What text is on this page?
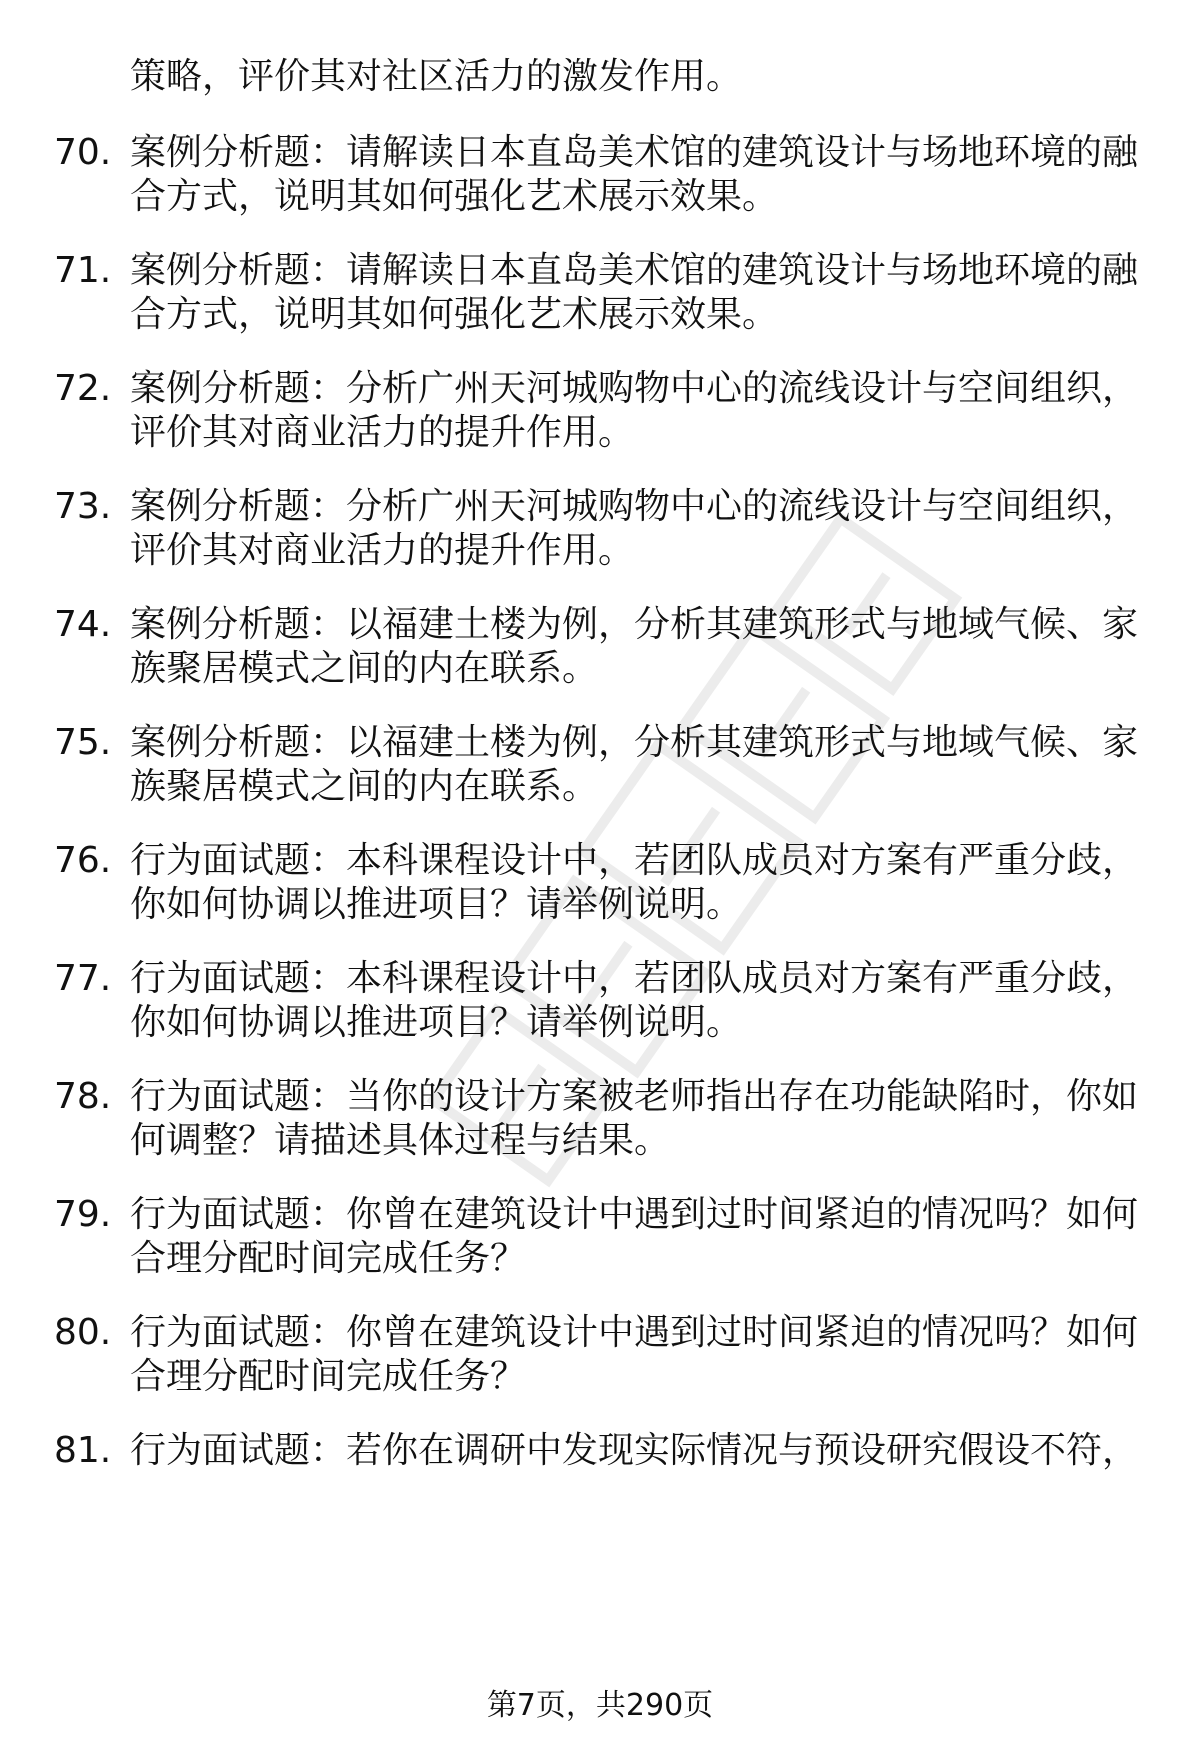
策略，评价其对社区活力的激发作用。
70. 案例分析题：请解读日本直岛美术馆的建筑设计与场地环境的融
合方式，说明其如何强化艺术展示效果。
71. 案例分析题：请解读日本直岛美术馆的建筑设计与场地环境的融
合方式，说明其如何强化艺术展示效果。
72. 案例分析题：分析广州天河城购物中心的流线设计与空间组织，
评价其对商业活力的提升作用。
73. 案例分析题：分析广州天河城购物中心的流线设计与空间组织，
评价其对商业活力的提升作用。
74. 案例分析题：以福建土楼为例，分析其建筑形式与地域气候、家
族聚居模式之间的内在联系。
75. 案例分析题：以福建土楼为例，分析其建筑形式与地域气候、家
族聚居模式之间的内在联系。
76. 行为面试题：本科课程设计中，若团队成员对方案有严重分歧，
你如何协调以推进项目？请举例说明。
77. 行为面试题：本科课程设计中，若团队成员对方案有严重分歧，
你如何协调以推进项目？请举例说明。
78. 行为面试题：当你的设计方案被老师指出存在功能缺陷时，你如
何调整？请描述具体过程与结果。
79. 行为面试题：你曾在建筑设计中遇到过时间紧迫的情况吗？如何
合理分配时间完成任务？
80. 行为面试题：你曾在建筑设计中遇到过时间紧迫的情况吗？如何
合理分配时间完成任务？
81. 行为面试题：若你在调研中发现实际情况与预设研究假设不符，
第7页，共290页
